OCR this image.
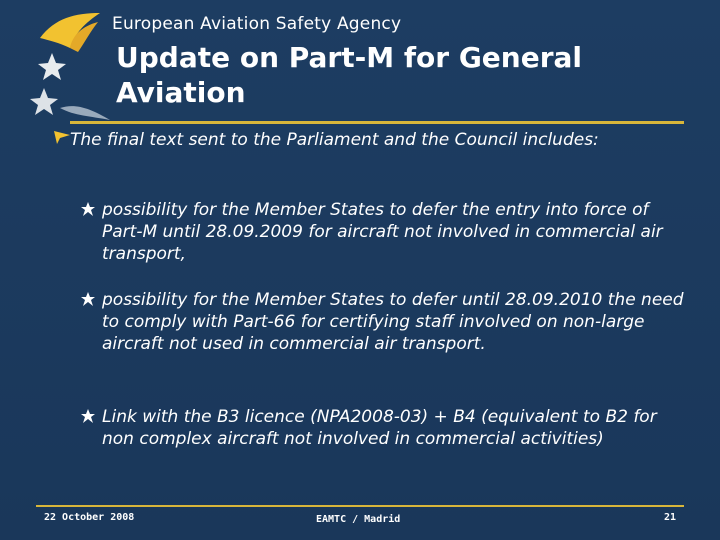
European Aviation Safety Agency
Update on Part-M for General Aviation
The final text sent to the Parliament and the Council includes:
possibility for the Member States to defer the entry into force of Part-M until 28.09.2009 for aircraft not involved in commercial air transport,
possibility for the Member States to defer until 28.09.2010 the need to comply with Part-66 for certifying staff involved on non-large aircraft not used in commercial air transport.
Link with the B3 licence (NPA2008-03) + B4 (equivalent to B2 for non complex aircraft not involved in commercial activities)
22 October 2008	EAMTC / Madrid	21
